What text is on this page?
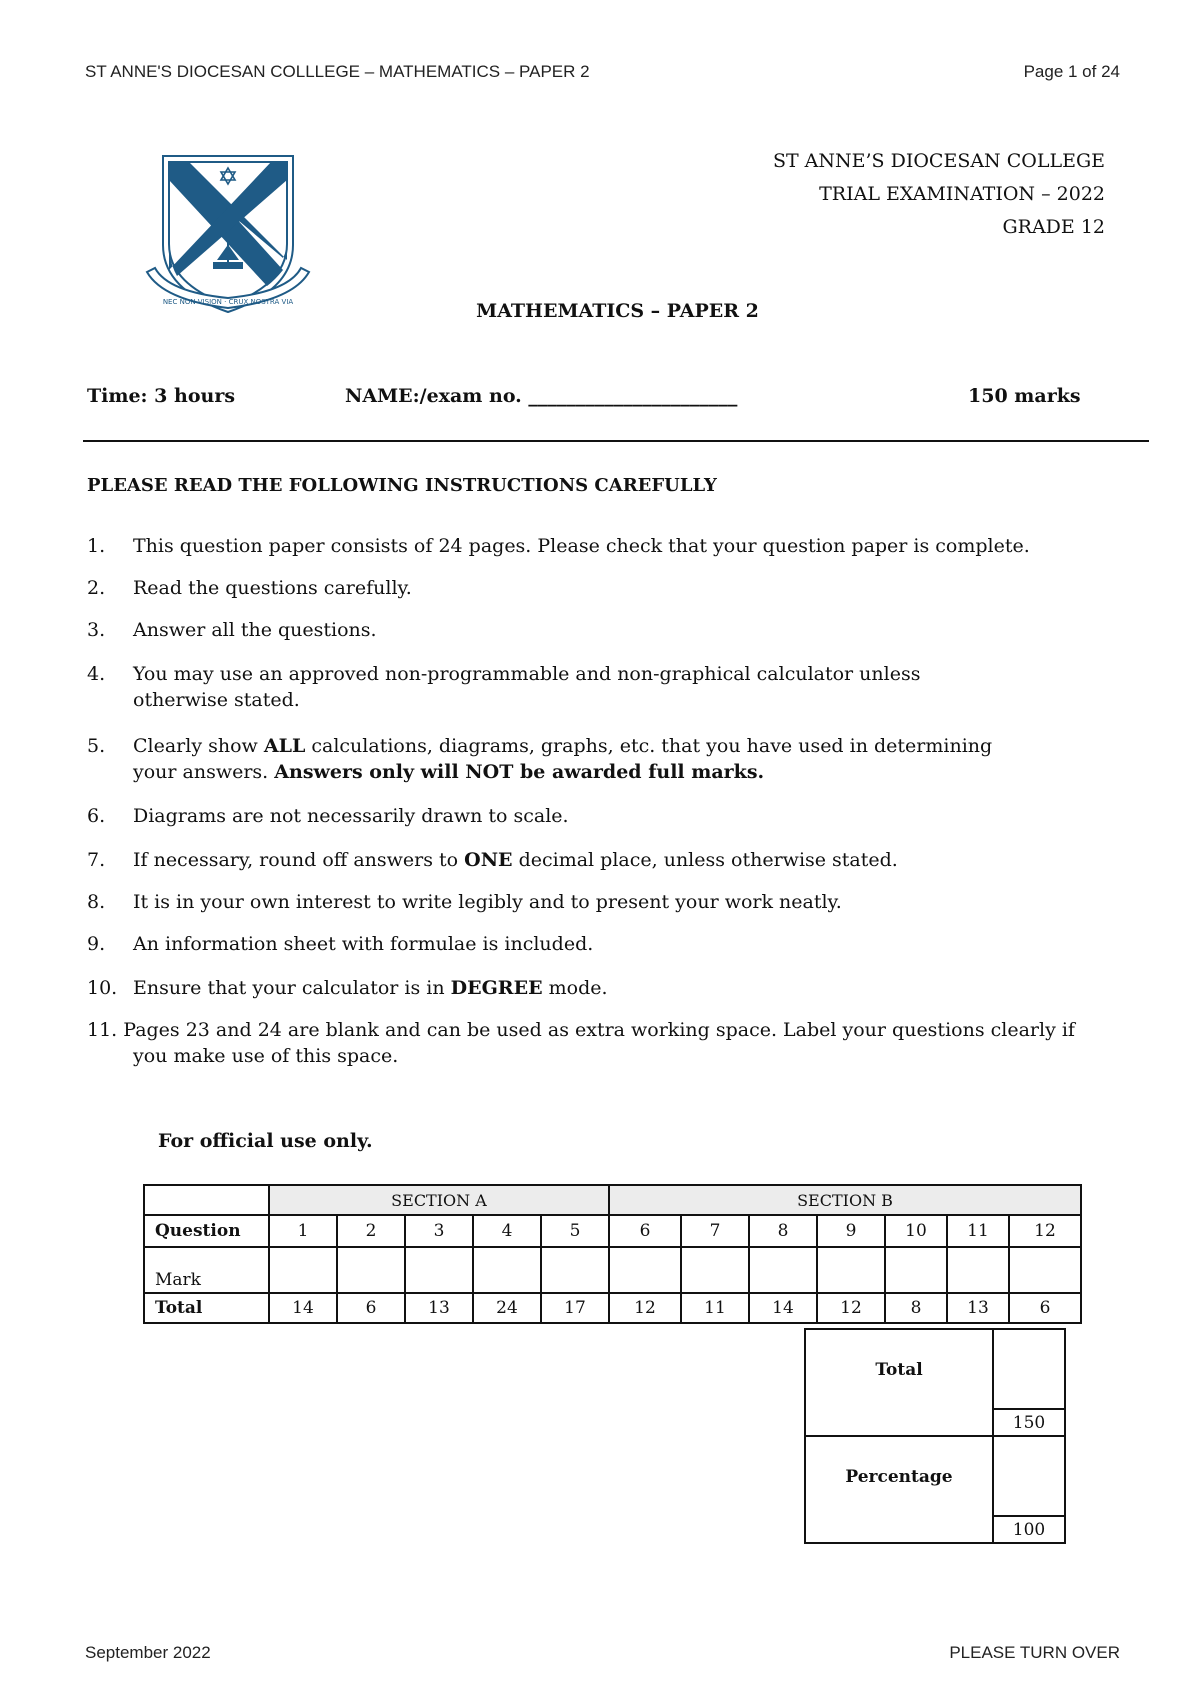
ST ANNE'S DIOCESAN COLLLEGE – MATHEMATICS – PAPER 2	Page 1 of 24
NEC NON VISION · CRUX NOSTRA VIA
ST ANNE’S DIOCESAN COLLEGE
TRIAL EXAMINATION – 2022
GRADE 12
MATHEMATICS – PAPER 2
Time: 3 hours	NAME:/exam no. ______________________	150 marks
PLEASE READ THE FOLLOWING INSTRUCTIONS CAREFULLY
1. This question paper consists of 24 pages. Please check that your question paper is complete.
2. Read the questions carefully.
3. Answer all the questions.
4. You may use an approved non-programmable and non-graphical calculator unless
otherwise stated.
5. Clearly show ALL calculations, diagrams, graphs, etc. that you have used in determining
your answers. Answers only will NOT be awarded full marks.
6. Diagrams are not necessarily drawn to scale.
7. If necessary, round off answers to ONE decimal place, unless otherwise stated.
8. It is in your own interest to write legibly and to present your work neatly.
9. An information sheet with formulae is included.
10. Ensure that your calculator is in DEGREE mode.
11. Pages 23 and 24 are blank and can be used as extra working space. Label your questions clearly if
you make use of this space.
For official use only.
	SECTION A					SECTION B						
Question	1	2	3	4	5	6	7	8	9	10	11	12
Mark												
Total	14	6	13	24	17	12	11	14	12	8	13	6
Total	
	150
Percentage	
	100
September 2022	PLEASE TURN OVER
